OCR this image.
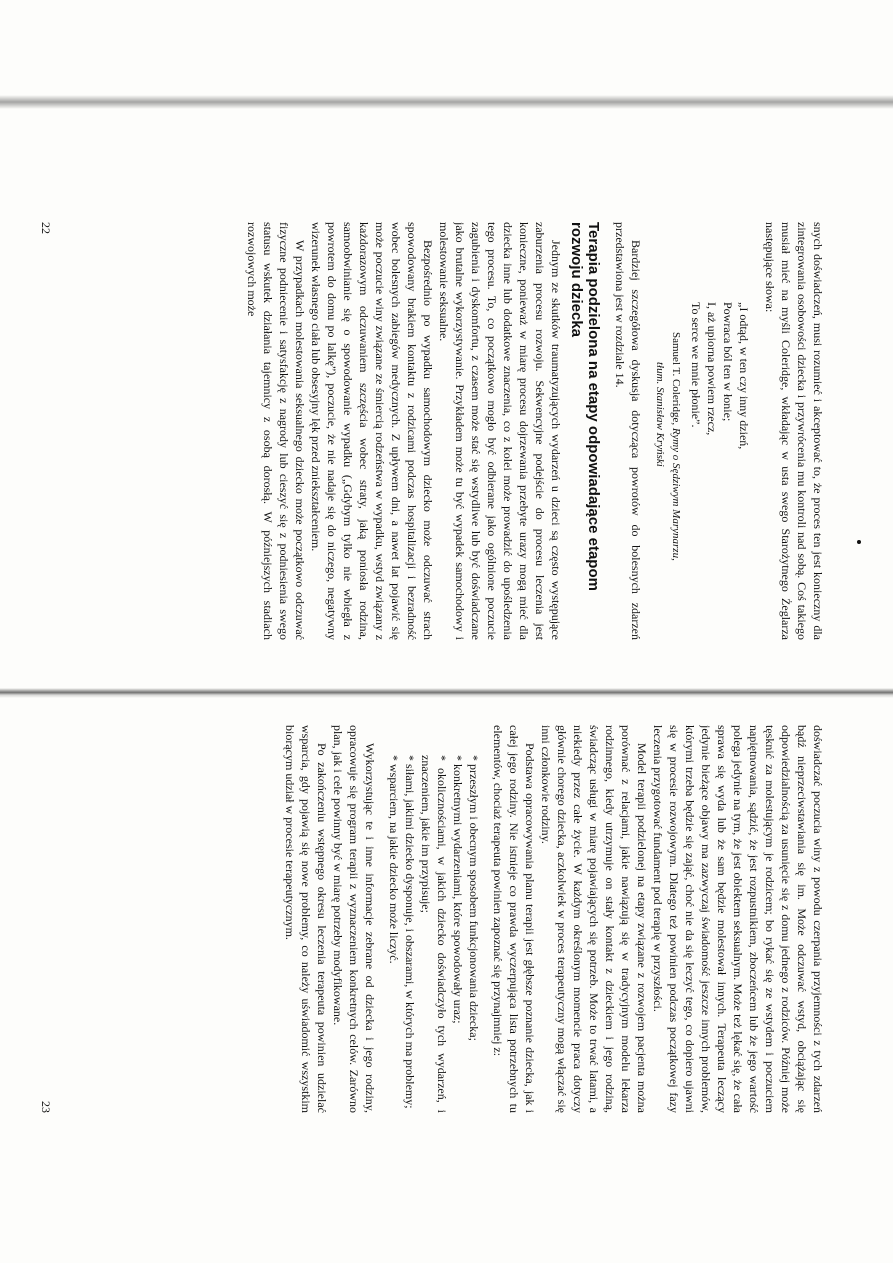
snych doświadczeń, musi rozumieć i akceptować to, że proces ten jest konieczny dla zintegrowania osobowości dziecka i przywrócenia mu kontroli nad sobą. Coś takiego musiał mieć na myśli Coleridge, wkładając w usta swego Starożytnego Żeglarza następujące słowa:

„I odtąd, w ten czy inny dzień,
Powraca ból ten w łonie;
I, aż upiorna powiem rzecz,
To serce we mnie płonie”.
Samuel T. Coleridge, Rymy o Sędziwym Marynarzu,
tłum. Stanisław Kryński

Bardziej szczegółowa dyskusja dotycząca powrotów do bolesnych zdarzeń przedstawiona jest w rozdziale 14.

Terapia podzielona na etapy odpowiadające etapom rozwoju dziecka

Jednym ze skutków traumatyzujących wydarzeń u dzieci są często występujące zaburzenia procesu rozwoju. Sekwencyjne podejście do procesu leczenia jest konieczne, ponieważ w miarę procesu dojrzewania przebyte urazy mogą mieć dla dziecka inne lub dodatkowe znaczenia, co z kolei może prowadzić do upośledzenia tego procesu. To, co początkowo mogło być odbierane jako ogólnione poczucie zagubienia i dyskomfortu, z czasem może stać się wstydliwe lub być doświadczane jako brutalne wykorzystywanie. Przykładem może tu być wypadek samochodowy i molestowanie seksualne.

Bezpośrednio po wypadku samochodowym dziecko może odczuwać strach spowodowany brakiem kontaktu z rodzicami podczas hospitalizacji i bezradność wobec bolesnych zabiegów medycznych. Z upływem dni, a nawet lat pojawić się może poczucie winy związane ze śmiercią rodzeństwa w wypadku, wstyd związany z każdorazowym odczuwaniem szczęścia wobec straty, jaką poniosła rodzina, samoobwinianie się o spowodowanie wypadku („Gdybym tylko nie wbiegła z powrotem do domu po lalkę”), poczucie, że nie nadaje się do niczego, negatywny wizerunek własnego ciała lub obsesyjny lęk przed zniekształceniem.

W przypadkach molestowania seksualnego dziecko może początkowo odczuwać fizyczne podniecenie i satysfakcję z nagrody lub cieszyć się z podniesienia swego statusu wskutek działania tajemnicy z osobą dorosłą. W późniejszych stadiach rozwojowych może

22

doświadczać poczucia winy z powodu czerpania przyjemności z tych zdarzeń bądź nieprzeciwstawiania się im. Może odczuwać wstyd, obciążając się odpowiedzialnością za usunięcie się z domu jednego z rodziców. Później może tęsknić za molestującym je rodzicem; bo rykać się ze wstydem i poczuciem napiętnowania, sądzić, że jest rozpustnikiem, zboczeńcem lub że jego wartość polega jedynie na tym, że jest obiektem seksualnym. Może też lękać się, że cała sprawa się wyda lub że sam będzie molestował innych. Terapeuta leczący jedynie bieżące objawy ma zazwyczaj świadomość jeszcze innych problemów, którymi trzeba będzie się zająć, choć nie da się leczyć tego, co dopiero ujawni się w procesie rozwojowym. Dlatego też powinien podczas początkowej fazy leczenia przygotować fundament pod terapię w przyszłości.

Model terapii podzielonej na etapy związane z rozwojem pacjenta można porównać z relacjami, jakie nawiązują się w tradycyjnym modelu lekarza rodzinnego, kiedy utrzymuje on stały kontakt z dzieckiem i jego rodziną, świadcząc usługi w miarę pojawiających się potrzeb. Może to trwać latami, a niekiedy przez całe życie. W każdym określonym momencie praca dotyczy głównie chorego dziecka, aczkolwiek w proces terapeutyczny mogą włączać się inni członkowie rodziny.

Podstawa opracowywania planu terapii jest głębsze poznanie dziecka, jak i całej jego rodziny. Nie istnieje co prawda wyczerpująca lista potrzebnych tu elementów, chociaż terapeuta powinien zapoznać się przynajmniej z:

* przeszłym i obecnym sposobem funkcjonowania dziecka;
* konkretnymi wydarzeniami, które spowodowały uraz;
* okolicznościami, w jakich dziecko doświadczyło tych wydarzeń, i znaczeniem, jakie im przypisuje;
* siłami, jakimi dziecko dysponuje, i obszarami, w których ma problemy;
* wsparciem, na jakie dziecko może liczyć.

Wykorzystując te i inne informacje zebrane od dziecka i jego rodziny, opracowuje się program terapii z wyznaczeniem konkretnych celów. Zarówno plan, jak i cele powinny być w miarę potrzeby modyfikowane.

Po zakończeniu wstępnego okresu leczenia terapeuta powinien udzielać wsparcia, gdy pojawią się nowe problemy, co należy uświadomić wszystkim biorącym udział w procesie terapeutycznym.

23
